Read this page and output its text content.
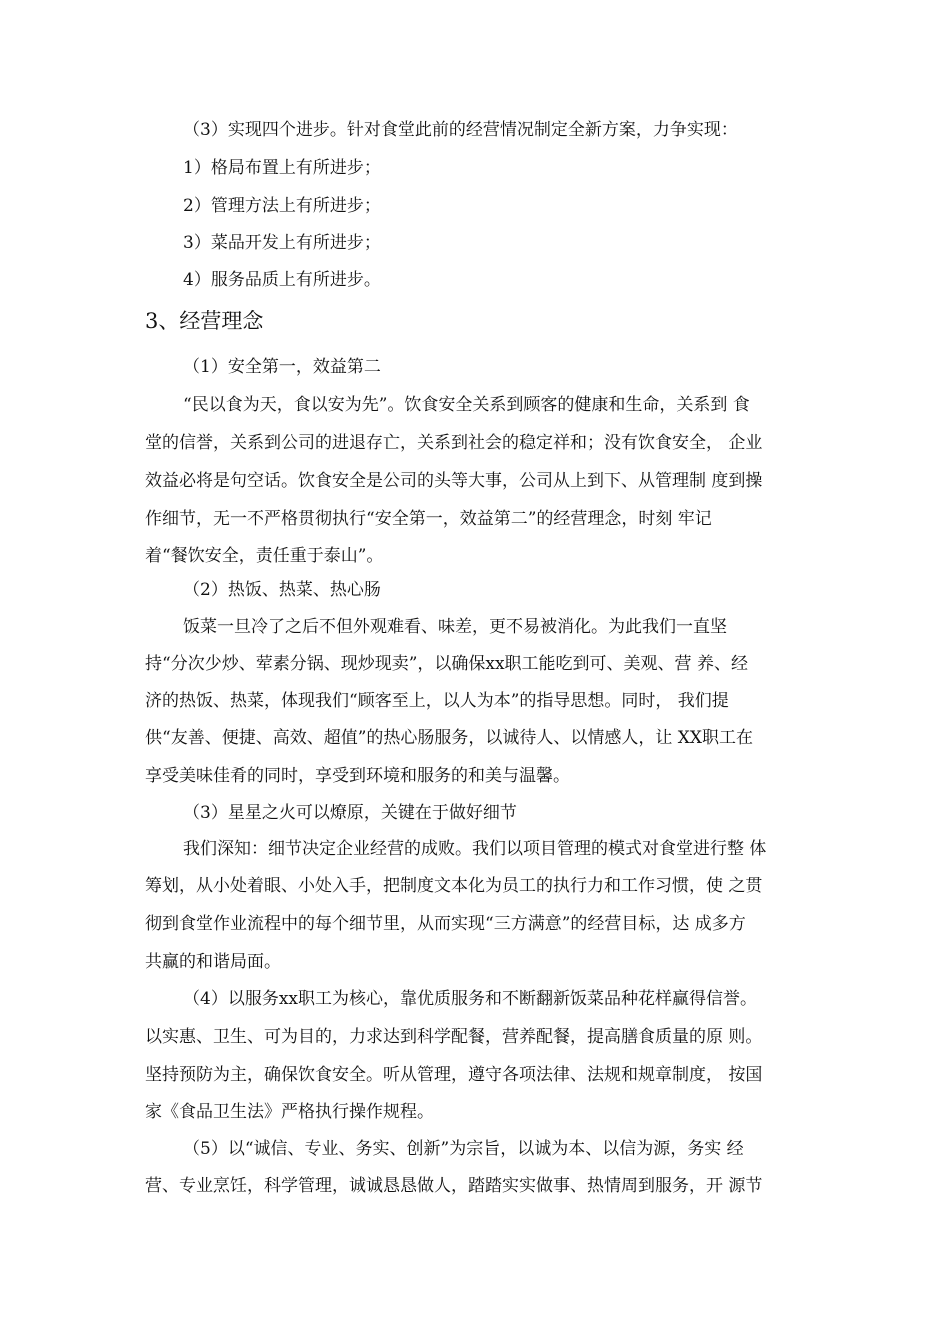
（3）实现四个进步。针对食堂此前的经营情况制定全新方案，力争实现：

1）格局布置上有所进步；

2）管理方法上有所进步；

3）菜品开发上有所进步；

4）服务品质上有所进步。

3、经营理念

（1）安全第一，效益第二

“民以食为天，食以安为先”。饮食安全关系到顾客的健康和生命，关系到 食

堂的信誉，关系到公司的进退存亡，关系到社会的稳定祥和；没有饮食安全， 企业

效益必将是句空话。饮食安全是公司的头等大事，公司从上到下、从管理制 度到操

作细节，无一不严格贯彻执行“安全第一，效益第二”的经营理念，时刻 牢记

着“餐饮安全，责任重于泰山”。

（2）热饭、热菜、热心肠

饭菜一旦冷了之后不但外观难看、味差，更不易被消化。为此我们一直坚

持“分次少炒、荤素分锅、现炒现卖”，以确保xx职工能吃到可、美观、营 养、经

济的热饭、热菜，体现我们“顾客至上，以人为本”的指导思想。同时， 我们提

供“友善、便捷、高效、超值”的热心肠服务，以诚待人、以情感人，让 XX职工在

享受美味佳肴的同时，享受到环境和服务的和美与温馨。

（3）星星之火可以燎原，关键在于做好细节

我们深知：细节决定企业经营的成败。我们以项目管理的模式对食堂进行整 体

筹划，从小处着眼、小处入手，把制度文本化为员工的执行力和工作习惯，使 之贯

彻到食堂作业流程中的每个细节里，从而实现“三方满意”的经营目标，达 成多方

共赢的和谐局面。

（4）以服务xx职工为核心，靠优质服务和不断翻新饭菜品种花样赢得信誉。

以实惠、卫生、可为目的，力求达到科学配餐，营养配餐，提高膳食质量的原 则。

坚持预防为主，确保饮食安全。听从管理，遵守各项法律、法规和规章制度， 按国

家《食品卫生法》严格执行操作规程。

（5）以“诚信、专业、务实、创新”为宗旨，以诚为本、以信为源，务实 经

营、专业烹饪，科学管理，诚诚恳恳做人，踏踏实实做事、热情周到服务，开 源节
